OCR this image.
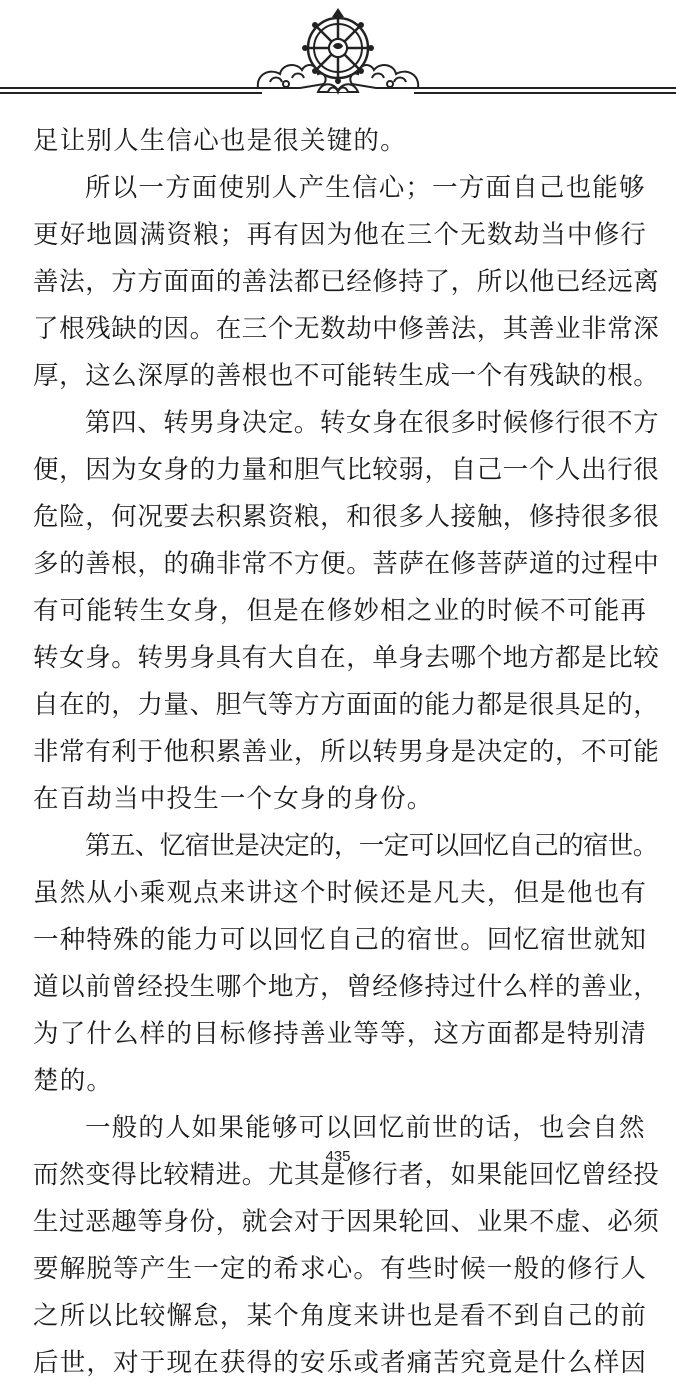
足让别人生信心也是很关键的。
所以一方面使别人产生信心；一方面自己也能够
更好地圆满资粮；再有因为他在三个无数劫当中修行
善法，方方面面的善法都已经修持了，所以他已经远离
了根残缺的因。在三个无数劫中修善法，其善业非常深
厚，这么深厚的善根也不可能转生成一个有残缺的根。
第四、转男身决定。转女身在很多时候修行很不方
便，因为女身的力量和胆气比较弱，自己一个人出行很
危险，何况要去积累资粮，和很多人接触，修持很多很
多的善根，的确非常不方便。菩萨在修菩萨道的过程中
有可能转生女身，但是在修妙相之业的时候不可能再
转女身。转男身具有大自在，单身去哪个地方都是比较
自在的，力量、胆气等方方面面的能力都是很具足的，
非常有利于他积累善业，所以转男身是决定的，不可能
在百劫当中投生一个女身的身份。
第五、忆宿世是决定的，一定可以回忆自己的宿世。
虽然从小乘观点来讲这个时候还是凡夫，但是他也有
一种特殊的能力可以回忆自己的宿世。回忆宿世就知
道以前曾经投生哪个地方，曾经修持过什么样的善业，
为了什么样的目标修持善业等等，这方面都是特别清
楚的。
一般的人如果能够可以回忆前世的话，也会自然
而然变得比较精进。尤其是修行者，如果能回忆曾经投
生过恶趣等身份，就会对于因果轮回、业果不虚、必须
要解脱等产生一定的希求心。有些时候一般的修行人
之所以比较懈怠，某个角度来讲也是看不到自己的前
后世，对于现在获得的安乐或者痛苦究竟是什么样因
435
